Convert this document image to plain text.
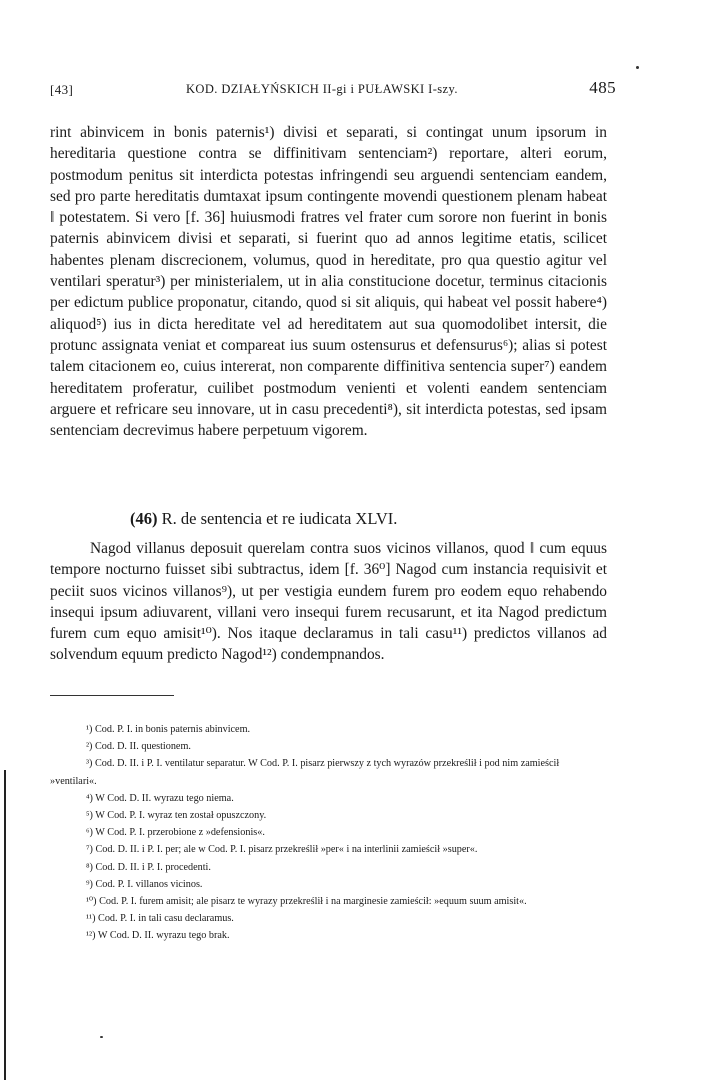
[43]	KOD. DZIAŁYŃSKICH II-gi i PUŁAWSKI I-szy.	485

rint abinvicem in bonis paternis¹) divisi et separati, si contingat unum ipsorum in hereditaria questione contra se diffinitivam sentenciam²) reportare, alteri eorum, postmodum penitus sit interdicta potestas infringendi seu arguendi sentenciam eandem, sed pro parte hereditatis dumtaxat ipsum contingente movendi questionem plenam habeat ‖ potestatem. Si vero [f. 36] huiusmodi fratres vel frater cum sorore non fuerint in bonis paternis abinvicem divisi et separati, si fuerint quo ad annos legitime etatis, scilicet habentes plenam discrecionem, volumus, quod in hereditate, pro qua questio agitur vel ventilari speratur³) per ministerialem, ut in alia constitucione docetur, terminus citacionis per edictum publice proponatur, citando, quod si sit aliquis, qui habeat vel possit habere⁴) aliquod⁵) ius in dicta hereditate vel ad hereditatem aut sua quomodolibet intersit, die protunc assignata veniat et compareat ius suum ostensurus et defensurus⁶); alias si potest talem citacionem eo, cuius intererat, non comparente diffinitiva sentencia super⁷) eandem hereditatem proferatur, cuilibet postmodum venienti et volenti eandem sentenciam arguere et refricare seu innovare, ut in casu precedenti⁸), sit interdicta potestas, sed ipsam sentenciam decrevimus habere perpetuum vigorem.

(46) R. de sentencia et re iudicata XLVI.

Nagod villanus deposuit querelam contra suos vicinos villanos, quod ‖ cum equus tempore nocturno fuisset sibi subtractus, idem [f. 36⁰] Nagod cum instancia requisivit et peciit suos vicinos villanos⁹), ut per vestigia eundem furem pro eodem equo rehabendo insequi ipsum adiuvarent, villani vero insequi furem recusarunt, et ita Nagod predictum furem cum equo amisit¹⁰). Nos itaque declaramus in tali casu¹¹) predictos villanos ad solvendum equum predicto Nagod¹²) condempnandos.

¹) Cod. P. I. in bonis paternis abinvicem.
²) Cod. D. II. questionem.
³) Cod. D. II. i P. I. ventilatur separatur. W Cod. P. I. pisarz pierwszy z tych wyrazów przekreślił i pod nim zamieścił »ventilari«.
⁴) W Cod. D. II. wyrazu tego niema.
⁵) W Cod. P. I. wyraz ten został opuszczony.
⁶) W Cod. P. I. przerobione z »defensionis«.
⁷) Cod. D. II. i P. I. per; ale w Cod. P. I. pisarz przekreślił »per« i na interlinii zamieścił »super«.
⁸) Cod. D. II. i P. I. procedenti.
⁹) Cod. P. I. villanos vicinos.
¹⁰) Cod. P. I. furem amisit; ale pisarz te wyrazy przekreślił i na marginesie zamieścił: »equum suum amisit«.
¹¹) Cod. P. I. in tali casu declaramus.
¹²) W Cod. D. II. wyrazu tego brak.
